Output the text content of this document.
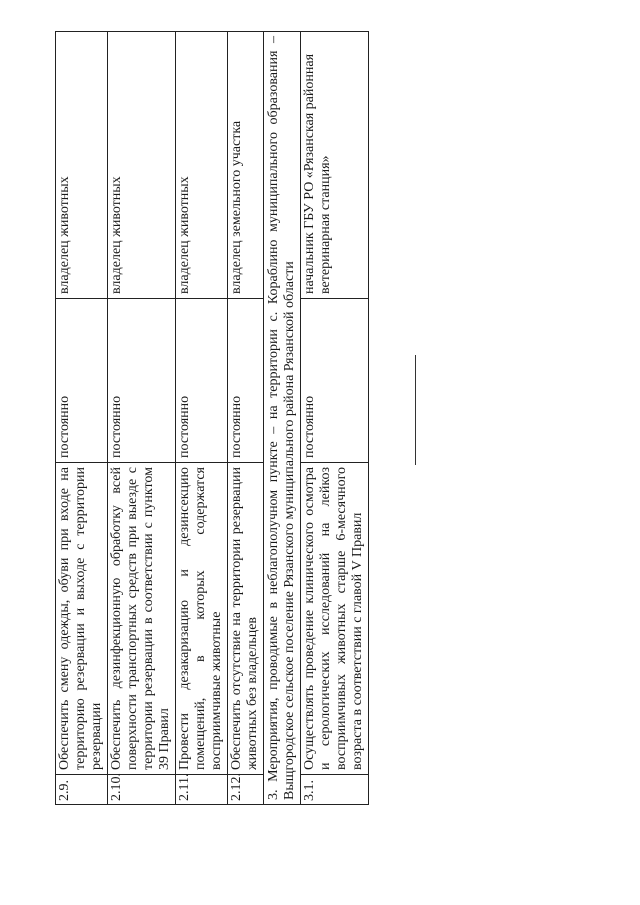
2.9.	Обеспечить смену одежды, обуви при входе на территорию резервации и выходе с территории резервации	постоянно	владелец животных
2.10.	Обеспечить дезинфекционную обработку всей поверхности транспортных средств при выезде с территории резервации в соответствии с пунктом 39 Правил	постоянно	владелец животных
2.11.	Провести дезакаризацию и дезинсекцию помещений, в которых содержатся восприимчивые животные	постоянно	владелец животных
2.12.	Обеспечить отсутствие на территории резервации животных без владельцев	постоянно	владелец земельного участка
3. Мероприятия, проводимые в неблагополучном пункте – на территории с. Кораблино муниципального образования – Выщгородское сельское поселение Рязанского муниципального района Рязанской области			
3.1.	Осуществлять проведение клинического осмотра и серологических исследований на лейкоз восприимчивых животных старше 6-месячного возраста в соответствии с главой V Правил	постоянно	начальник ГБУ РО «Рязанская районная ветеринарная станция»
